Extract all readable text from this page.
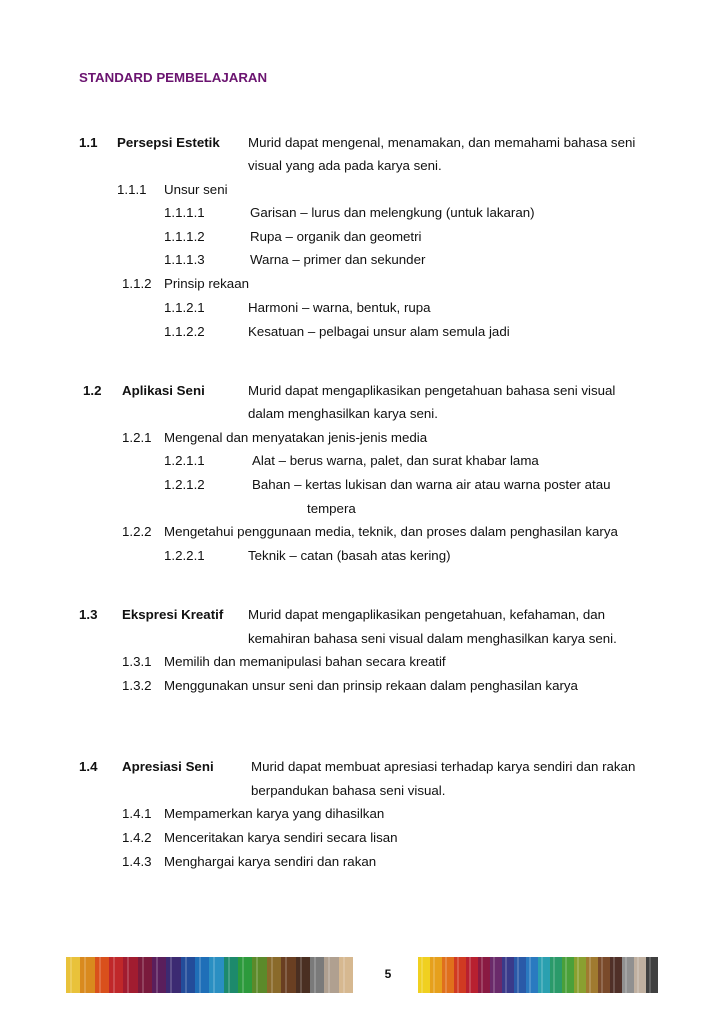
STANDARD PEMBELAJARAN
1.1 Persepsi Estetik Murid dapat mengenal, menamakan, dan memahami bahasa seni
visual yang ada pada karya seni.
1.1.1 Unsur seni
1.1.1.1	Garisan – lurus dan melengkung (untuk lakaran)
1.1.1.2	Rupa – organik dan geometri
1.1.1.3	Warna – primer dan sekunder
1.1.2 Prinsip rekaan
1.1.2.1	Harmoni – warna, bentuk, rupa
1.1.2.2	Kesatuan – pelbagai unsur alam semula jadi
1.2 Aplikasi Seni	Murid dapat mengaplikasikan pengetahuan bahasa seni visual
dalam menghasilkan karya seni.
1.2.1 Mengenal dan menyatakan jenis-jenis media
1.2.1.1	Alat – berus warna, palet, dan surat khabar lama
1.2.1.2	Bahan – kertas lukisan dan warna air atau warna poster atau
tempera
1.2.2 Mengetahui penggunaan media, teknik, dan proses dalam penghasilan karya
1.2.2.1	Teknik – catan (basah atas kering)
1.3 Ekspresi Kreatif Murid dapat mengaplikasikan pengetahuan, kefahaman, dan
kemahiran bahasa seni visual dalam menghasilkan karya seni.
1.3.1 Memilih dan memanipulasi bahan secara kreatif
1.3.2 Menggunakan unsur seni dan prinsip rekaan dalam penghasilan karya
1.4 Apresiasi Seni	Murid dapat membuat apresiasi terhadap karya sendiri dan rakan
berpandukan bahasa seni visual.
1.4.1 Mempamerkan karya yang dihasilkan
1.4.2 Menceritakan karya sendiri secara lisan
1.4.3 Menghargai karya sendiri dan rakan
5
